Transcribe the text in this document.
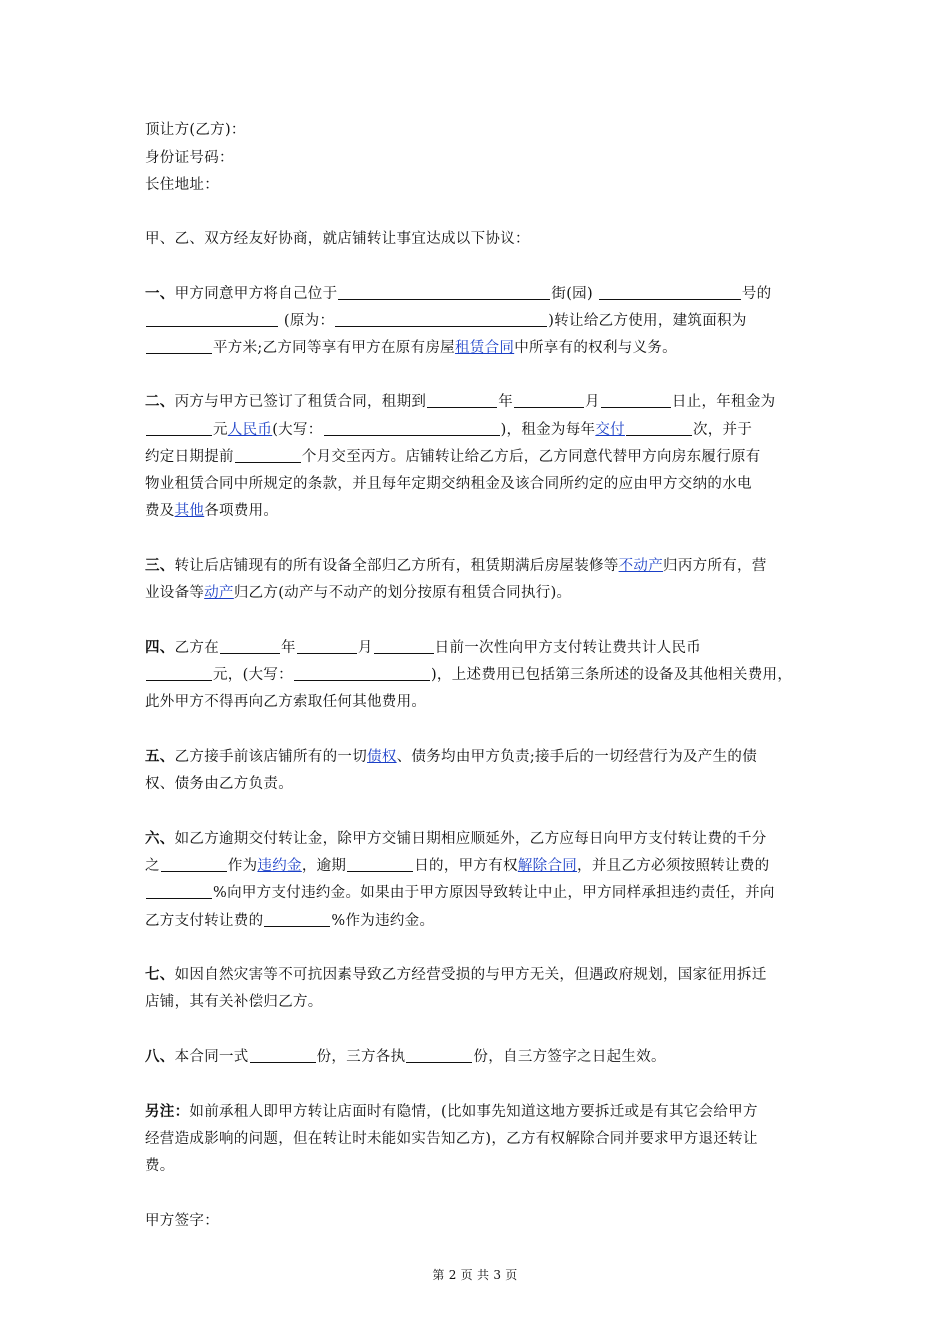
顶让方(乙方)：
身份证号码：
长住地址：
甲、乙、双方经友好协商，就店铺转让事宜达成以下协议：
一、甲方同意甲方将自己位于	街(园)	号的
(原为：	)转让给乙方使用，建筑面积为
平方米;乙方同等享有甲方在原有房屋租赁合同中所享有的权利与义务。
二、丙方与甲方已签订了租赁合同，租期到	年	月	日止，年租金为
元人民币(大写：	)，租金为每年交付	次，并于
约定日期提前	个月交至丙方。店铺转让给乙方后，乙方同意代替甲方向房东履行原有
物业租赁合同中所规定的条款，并且每年定期交纳租金及该合同所约定的应由甲方交纳的水电
费及其他各项费用。
三、转让后店铺现有的所有设备全部归乙方所有，租赁期满后房屋装修等不动产归丙方所有，营
业设备等动产归乙方(动产与不动产的划分按原有租赁合同执行)。
四、乙方在	年	月	日前一次性向甲方支付转让费共计人民币
元，(大写：	)，上述费用已包括第三条所述的设备及其他相关费用，
此外甲方不得再向乙方索取任何其他费用。
五、乙方接手前该店铺所有的一切债权、债务均由甲方负责;接手后的一切经营行为及产生的债
权、债务由乙方负责。
六、如乙方逾期交付转让金，除甲方交铺日期相应顺延外，乙方应每日向甲方支付转让费的千分
之	作为违约金，逾期	日的，甲方有权解除合同，并且乙方必须按照转让费的
%向甲方支付违约金。如果由于甲方原因导致转让中止，甲方同样承担违约责任，并向
乙方支付转让费的	%作为违约金。
七、如因自然灾害等不可抗因素导致乙方经营受损的与甲方无关，但遇政府规划，国家征用拆迁
店铺，其有关补偿归乙方。
八、本合同一式	份，三方各执	份，自三方签字之日起生效。
另注：如前承租人即甲方转让店面时有隐情，(比如事先知道这地方要拆迁或是有其它会给甲方
经营造成影响的问题，但在转让时未能如实告知乙方)，乙方有权解除合同并要求甲方退还转让
费。
甲方签字：
第 2 页 共 3 页
